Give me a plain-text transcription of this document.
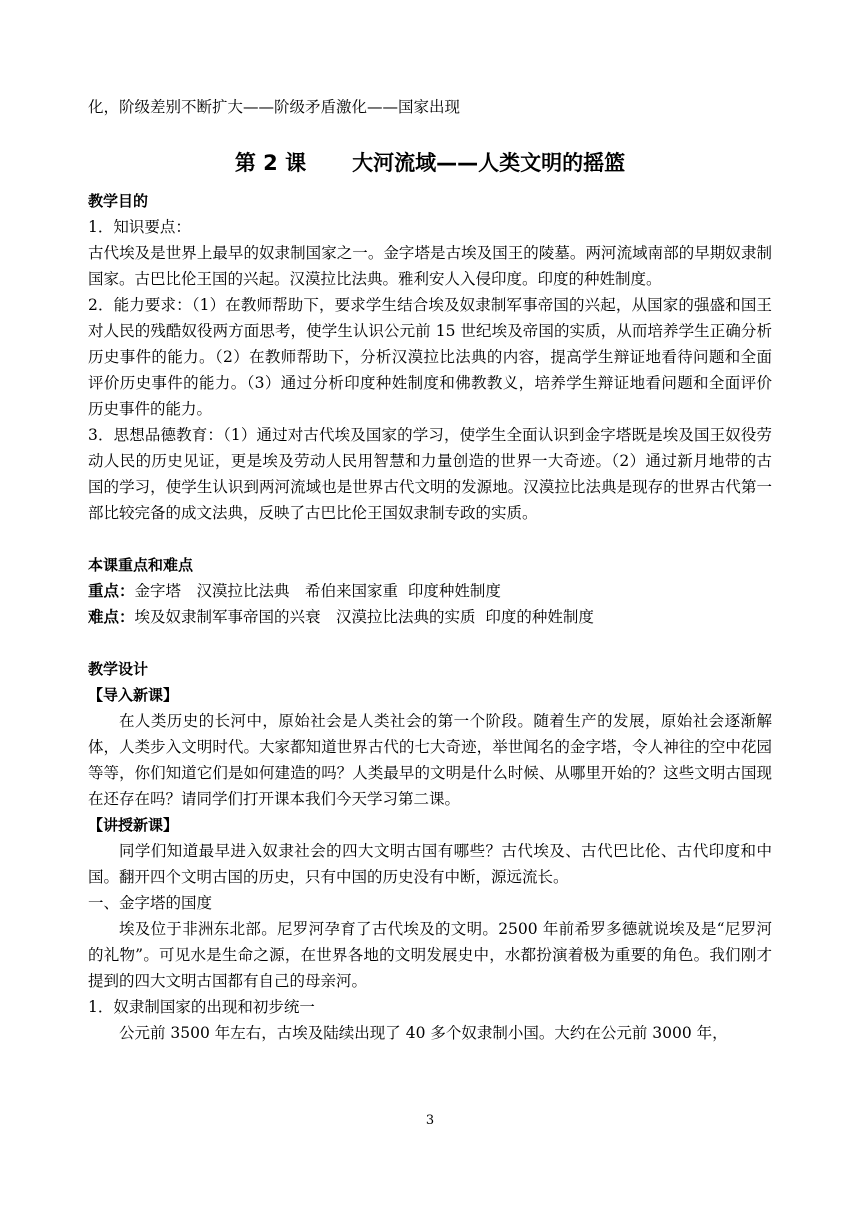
化，阶级差别不断扩大——阶级矛盾激化——国家出现

第 2 课 大河流域——人类文明的摇篮

教学目的

1．知识要点：

古代埃及是世界上最早的奴隶制国家之一。金字塔是古埃及国王的陵墓。两河流域南部的早期奴隶制国家。古巴比伦王国的兴起。汉漠拉比法典。雅利安人入侵印度。印度的种姓制度。

2．能力要求：（1）在教师帮助下，要求学生结合埃及奴隶制军事帝国的兴起，从国家的强盛和国王对人民的残酷奴役两方面思考，使学生认识公元前 15 世纪埃及帝国的实质，从而培养学生正确分析历史事件的能力。（2）在教师帮助下，分析汉漠拉比法典的内容，提高学生辩证地看待问题和全面评价历史事件的能力。（3）通过分析印度种姓制度和佛教教义，培养学生辩证地看问题和全面评价历史事件的能力。

3．思想品德教育：（1）通过对古代埃及国家的学习，使学生全面认识到金字塔既是埃及国王奴役劳动人民的历史见证，更是埃及劳动人民用智慧和力量创造的世界一大奇迹。（2）通过新月地带的古国的学习，使学生认识到两河流域也是世界古代文明的发源地。汉漠拉比法典是现存的世界古代第一部比较完备的成文法典，反映了古巴比伦王国奴隶制专政的实质。

本课重点和难点

重点：金字塔　汉漠拉比法典　希伯来国家重  印度种姓制度

难点：埃及奴隶制军事帝国的兴衰　汉漠拉比法典的实质  印度的种姓制度

教学设计

【导入新课】

在人类历史的长河中，原始社会是人类社会的第一个阶段。随着生产的发展，原始社会逐渐解体，人类步入文明时代。大家都知道世界古代的七大奇迹，举世闻名的金字塔，令人神往的空中花园等等，你们知道它们是如何建造的吗？人类最早的文明是什么时候、从哪里开始的？这些文明古国现在还存在吗？请同学们打开课本我们今天学习第二课。

【讲授新课】

同学们知道最早进入奴隶社会的四大文明古国有哪些？古代埃及、古代巴比伦、古代印度和中国。翻开四个文明古国的历史，只有中国的历史没有中断，源远流长。

一、金字塔的国度

埃及位于非洲东北部。尼罗河孕育了古代埃及的文明。2500 年前希罗多德就说埃及是“尼罗河的礼物”。可见水是生命之源，在世界各地的文明发展史中，水都扮演着极为重要的角色。我们刚才提到的四大文明古国都有自己的母亲河。

1．奴隶制国家的出现和初步统一

公元前 3500 年左右，古埃及陆续出现了 40 多个奴隶制小国。大约在公元前 3000 年，

3
